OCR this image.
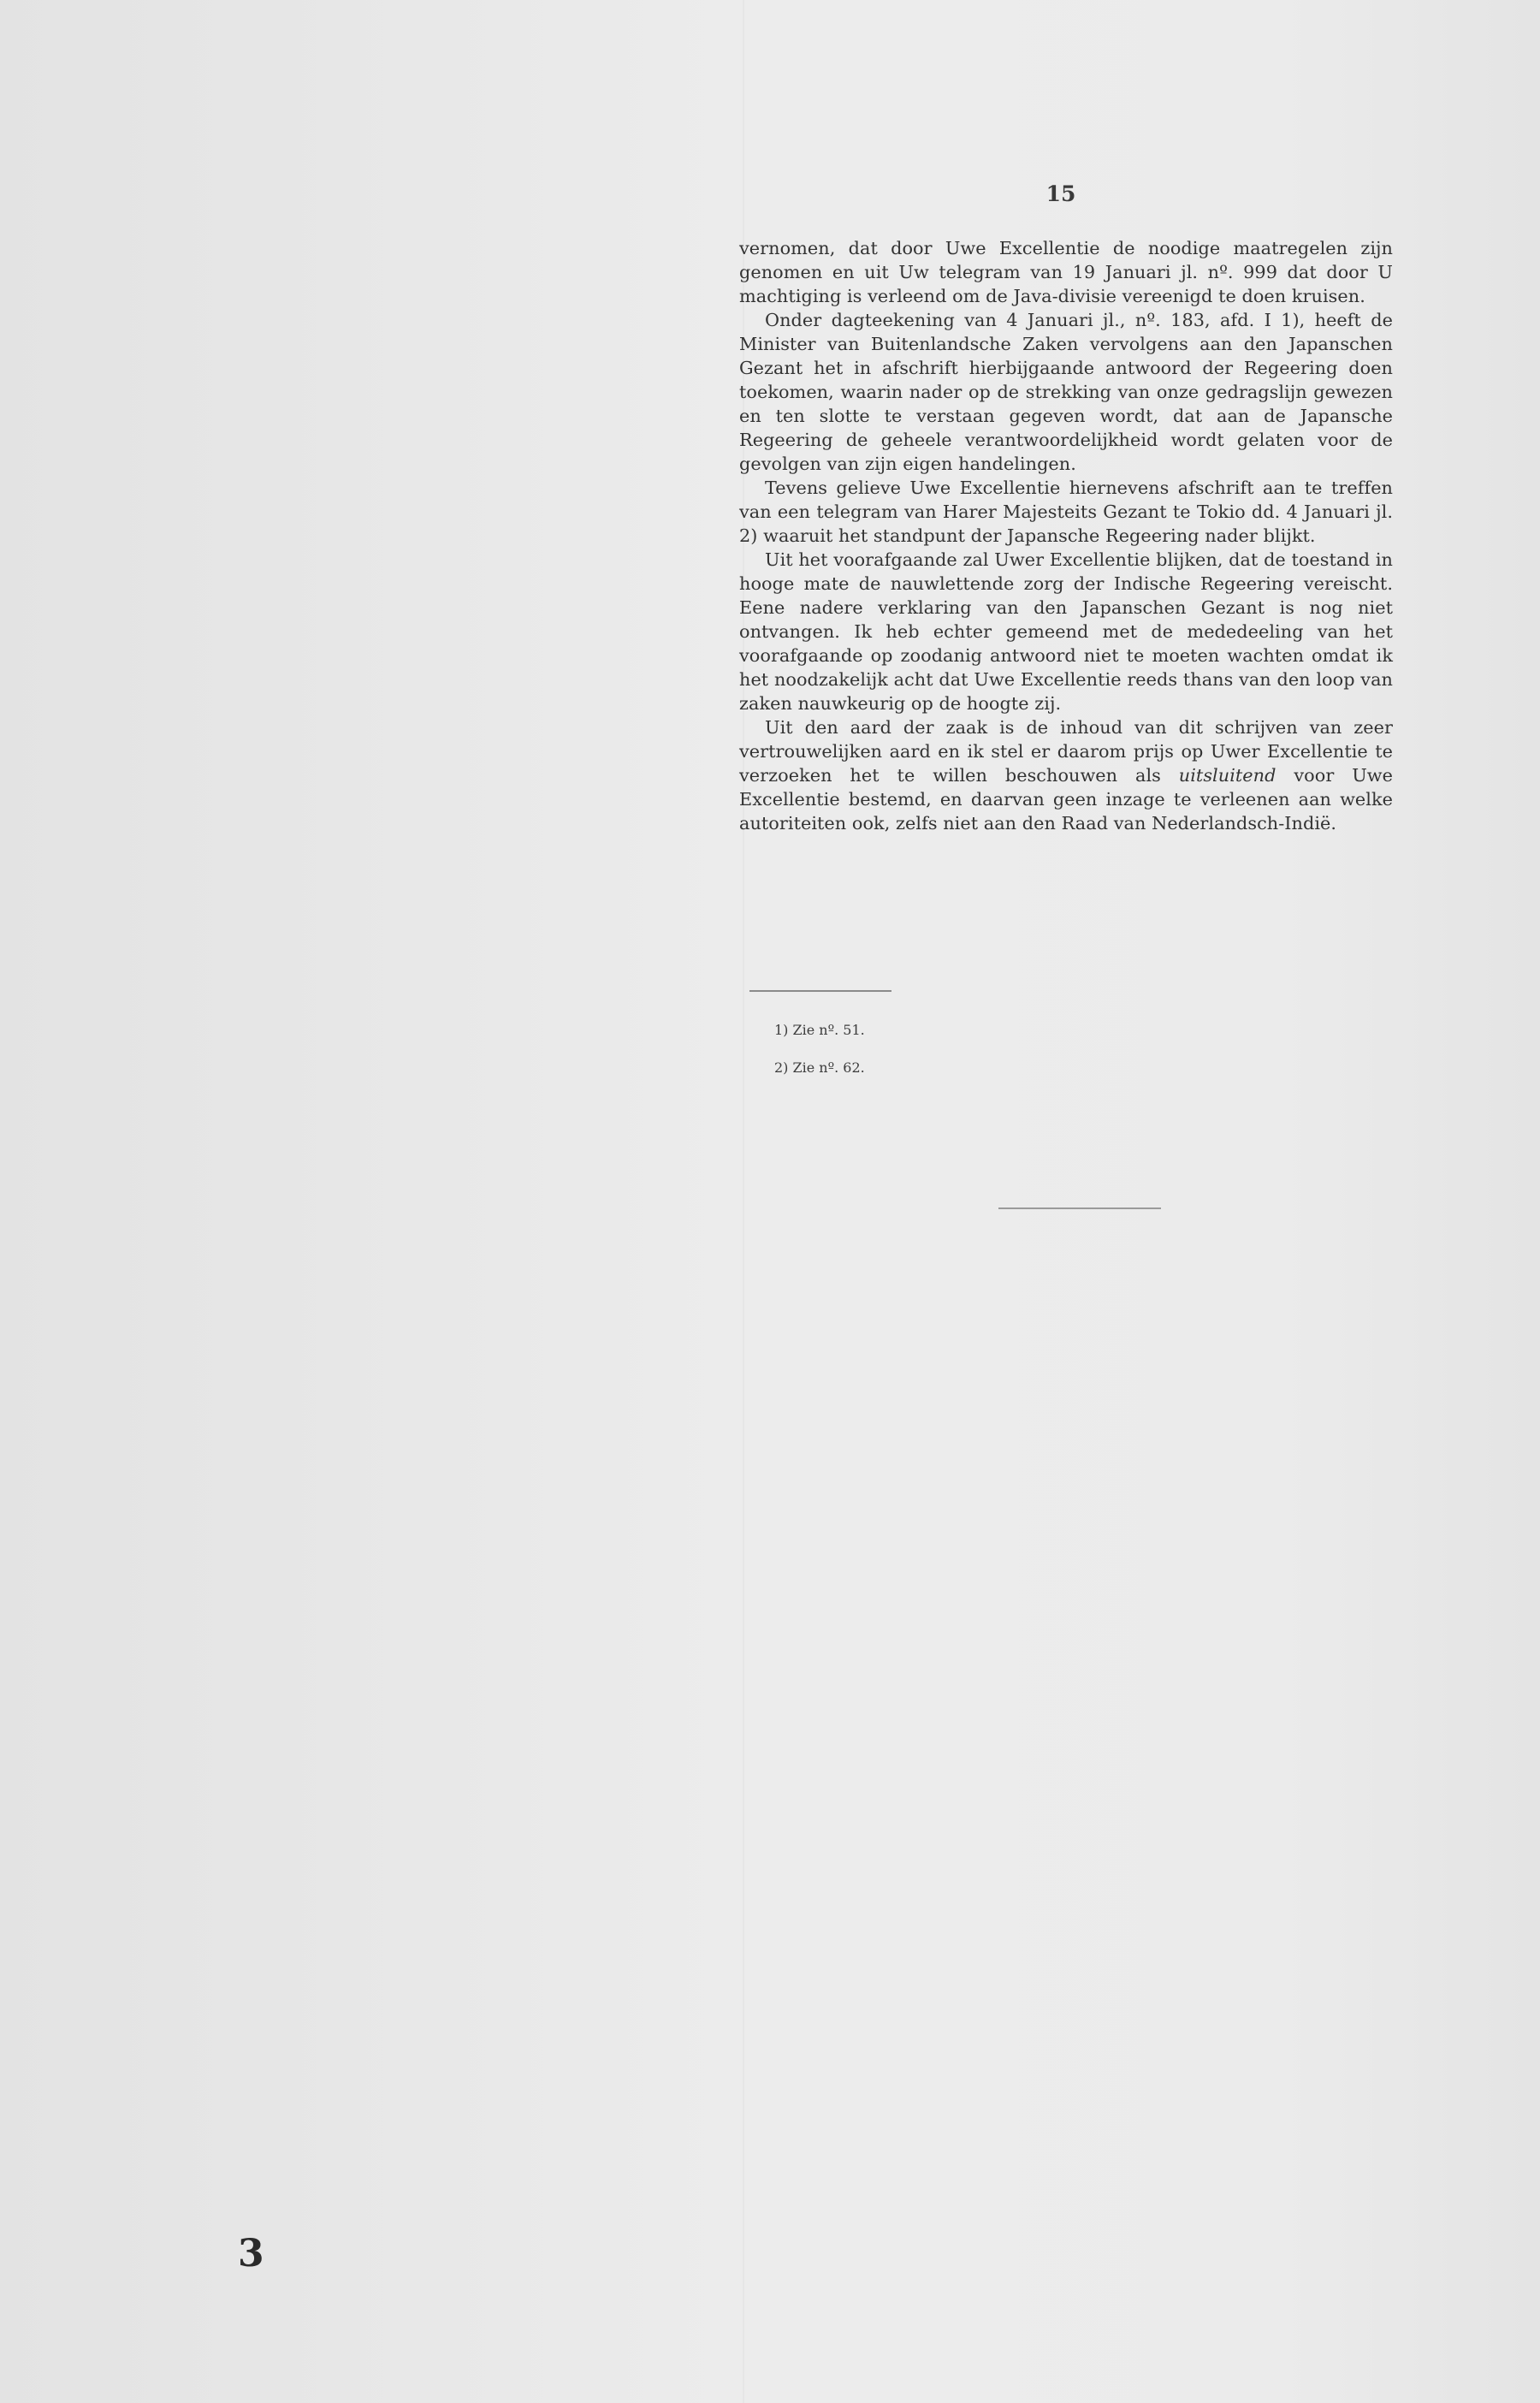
15

vernomen, dat door Uwe Excellentie de noodige maatregelen zijn genomen en uit Uw telegram van 19 Januari jl. nº. 999 dat door U machtiging is verleend om de Java-divisie vereenigd te doen kruisen.

Onder dagteekening van 4 Januari jl., nº. 183, afd. I 1), heeft de Minister van Buitenlandsche Zaken vervolgens aan den Japanschen Gezant het in afschrift hierbijgaande antwoord der Regeering doen toekomen, waarin nader op de strekking van onze gedragslijn gewezen en ten slotte te verstaan gegeven wordt, dat aan de Japansche Regeering de geheele verantwoordelijkheid wordt gelaten voor de gevolgen van zijn eigen handelingen.

Tevens gelieve Uwe Excellentie hiernevens afschrift aan te treffen van een telegram van Harer Majesteits Gezant te Tokio dd. 4 Januari jl. 2) waaruit het standpunt der Japansche Regeering nader blijkt.

Uit het voorafgaande zal Uwer Excellentie blijken, dat de toestand in hooge mate de nauwlettende zorg der Indische Regeering vereischt. Eene nadere verklaring van den Japanschen Gezant is nog niet ontvangen. Ik heb echter gemeend met de mededeeling van het voorafgaande op zoodanig antwoord niet te moeten wachten omdat ik het noodzakelijk acht dat Uwe Excellentie reeds thans van den loop van zaken nauwkeurig op de hoogte zij.

Uit den aard der zaak is de inhoud van dit schrijven van zeer vertrouwelijken aard en ik stel er daarom prijs op Uwer Excellentie te verzoeken het te willen beschouwen als uitsluitend voor Uwe Excellentie bestemd, en daarvan geen inzage te verleenen aan welke autoriteiten ook, zelfs niet aan den Raad van Nederlandsch-Indië.

1) Zie nº. 51.
2) Zie nº. 62.
3
